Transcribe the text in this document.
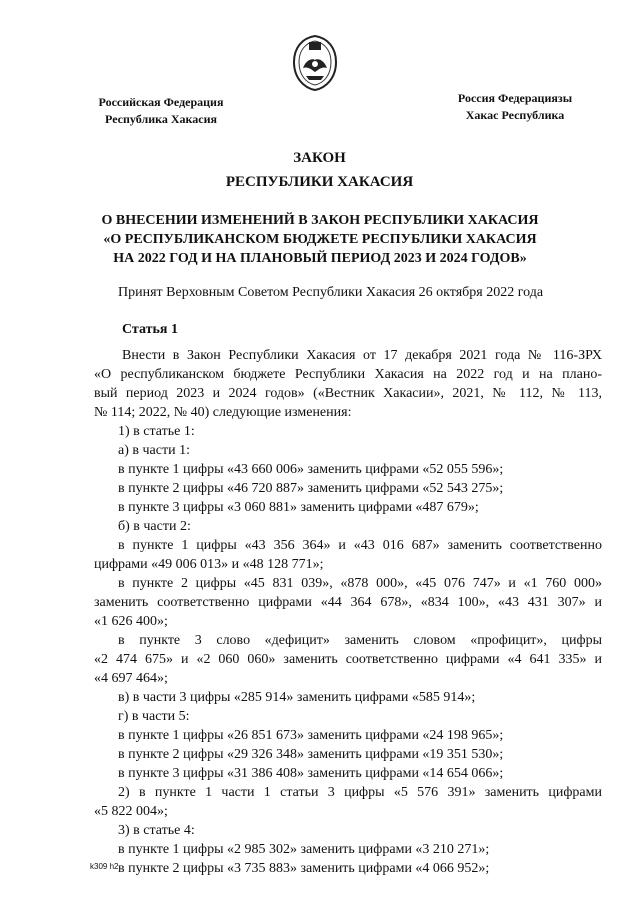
Российская Федерация
Республика Хакасия
Россия Федерациязы
Хакас Республика
ЗАКОН
РЕСПУБЛИКИ ХАКАСИЯ
О ВНЕСЕНИИ ИЗМЕНЕНИЙ В ЗАКОН РЕСПУБЛИКИ ХАКАСИЯ
«О РЕСПУБЛИКАНСКОМ БЮДЖЕТЕ РЕСПУБЛИКИ ХАКАСИЯ
НА 2022 ГОД И НА ПЛАНОВЫЙ ПЕРИОД 2023 И 2024 ГОДОВ»
Принят Верховным Советом Республики Хакасия 26 октября 2022 года
Статья 1

Внести в Закон Республики Хакасия от 17 декабря 2021 года № 116-ЗРХ

«О республиканском бюджете Республики Хакасия на 2022 год и на плано-

вый период 2023 и 2024 годов» («Вестник Хакасии», 2021, № 112, № 113,

№ 114; 2022, № 40) следующие изменения:

1) в статье 1:

а) в части 1:

в пункте 1 цифры «43 660 006» заменить цифрами «52 055 596»;

в пункте 2 цифры «46 720 887» заменить цифрами «52 543 275»;

в пункте 3 цифры «3 060 881» заменить цифрами «487 679»;

б) в части 2:

в пункте 1 цифры «43 356 364» и «43 016 687» заменить соответственно

цифрами «49 006 013» и «48 128 771»;

в пункте 2 цифры «45 831 039», «878 000», «45 076 747» и «1 760 000»

заменить соответственно цифрами «44 364 678», «834 100», «43 431 307» и

«1 626 400»;

в пункте 3 слово «дефицит» заменить словом «профицит», цифры

«2 474 675» и «2 060 060» заменить соответственно цифрами «4 641 335» и

«4 697 464»;

в) в части 3 цифры «285 914» заменить цифрами «585 914»;

г) в части 5:

в пункте 1 цифры «26 851 673» заменить цифрами «24 198 965»;

в пункте 2 цифры «29 326 348» заменить цифрами «19 351 530»;

в пункте 3 цифры «31 386 408» заменить цифрами «14 654 066»;

2) в пункте 1 части 1 статьи 3 цифры «5 576 391» заменить цифрами

«5 822 004»;

3) в статье 4:

в пункте 1 цифры «2 985 302» заменить цифрами «3 210 271»;

в пункте 2 цифры «3 735 883» заменить цифрами «4 066 952»;

k309 h2
